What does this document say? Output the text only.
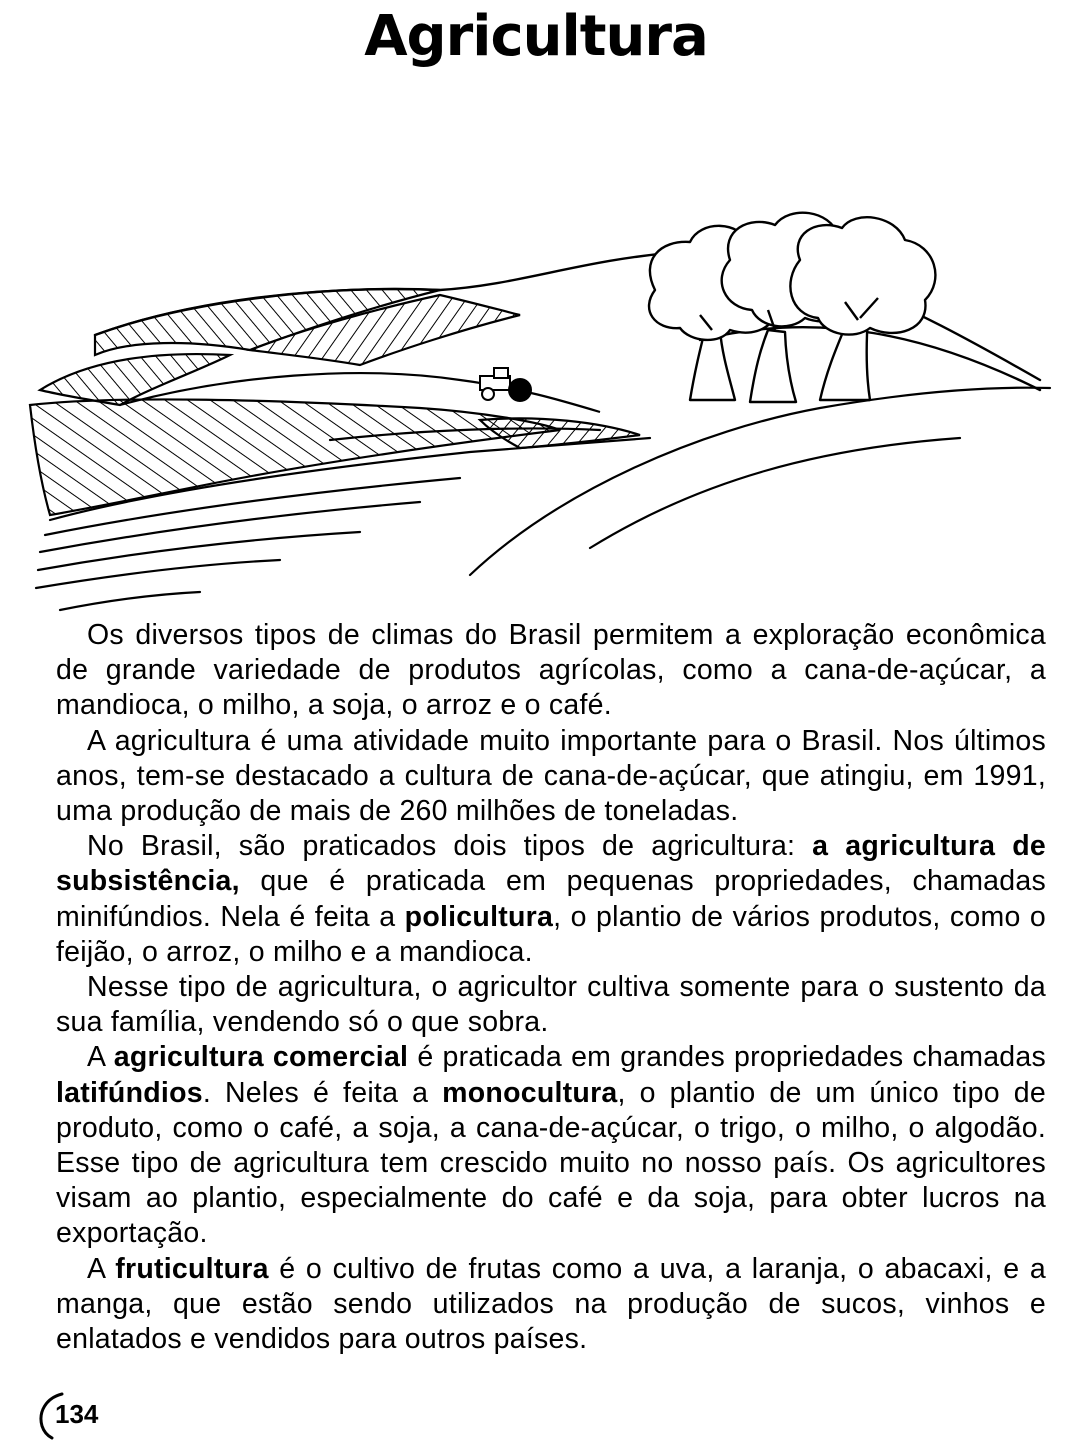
Agricultura

Os diversos tipos de climas do Brasil permitem a exploração econômica de grande variedade de produtos agrícolas, como a cana-de-açúcar, a mandioca, o milho, a soja, o arroz e o café.

A agricultura é uma atividade muito importante para o Brasil. Nos últimos anos, tem-se destacado a cultura de cana-de-açúcar, que atingiu, em 1991, uma produção de mais de 260 milhões de toneladas.

No Brasil, são praticados dois tipos de agricultura: a agricultura de subsistência, que é praticada em pequenas propriedades, chamadas minifúndios. Nela é feita a policultura, o plantio de vários produtos, como o feijão, o arroz, o milho e a mandioca.

Nesse tipo de agricultura, o agricultor cultiva somente para o sustento da sua família, vendendo só o que sobra.

A agricultura comercial é praticada em grandes propriedades chamadas latifúndios. Neles é feita a monocultura, o plantio de um único tipo de produto, como o café, a soja, a cana-de-açúcar, o trigo, o milho, o algodão. Esse tipo de agricultura tem crescido muito no nosso país. Os agricultores visam ao plantio, especialmente do café e da soja, para obter lucros na exportação.

A fruticultura é o cultivo de frutas como a uva, a laranja, o abacaxi, e a manga, que estão sendo utilizados na produção de sucos, vinhos e enlatados e vendidos para outros países.

134
